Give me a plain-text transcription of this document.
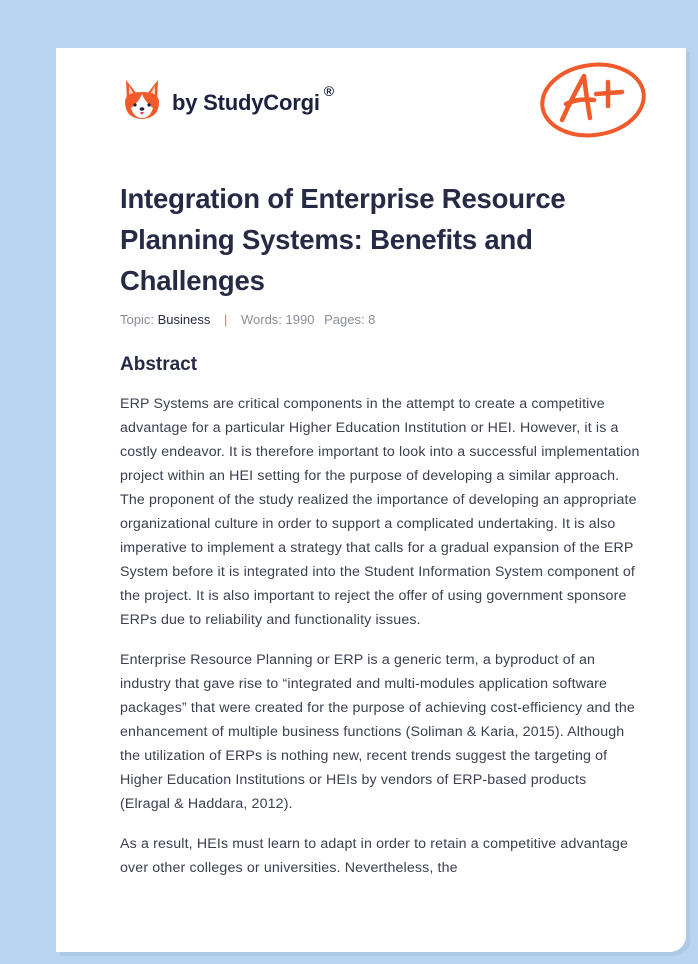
by StudyCorgi ®
Integration of Enterprise Resource Planning Systems: Benefits and Challenges
Topic: Business | Words: 1990 Pages: 8
Abstract

ERP Systems are critical components in the attempt to create a competitive advantage for a particular Higher Education Institution or HEI. However, it is a costly endeavor. It is therefore important to look into a successful implementation project within an HEI setting for the purpose of developing a similar approach. The proponent of the study realized the importance of developing an appropriate organizational culture in order to support a complicated undertaking. It is also imperative to implement a strategy that calls for a gradual expansion of the ERP System before it is integrated into the Student Information System component of the project. It is also important to reject the offer of using government sponsore ERPs due to reliability and functionality issues.

Enterprise Resource Planning or ERP is a generic term, a byproduct of an industry that gave rise to “integrated and multi-modules application software packages” that were created for the purpose of achieving cost-efficiency and the enhancement of multiple business functions (Soliman & Karia, 2015). Although the utilization of ERPs is nothing new, recent trends suggest the targeting of Higher Education Institutions or HEIs by vendors of ERP-based products (Elragal & Haddara, 2012).

As a result, HEIs must learn to adapt in order to retain a competitive advantage over other colleges or universities. Nevertheless, the
